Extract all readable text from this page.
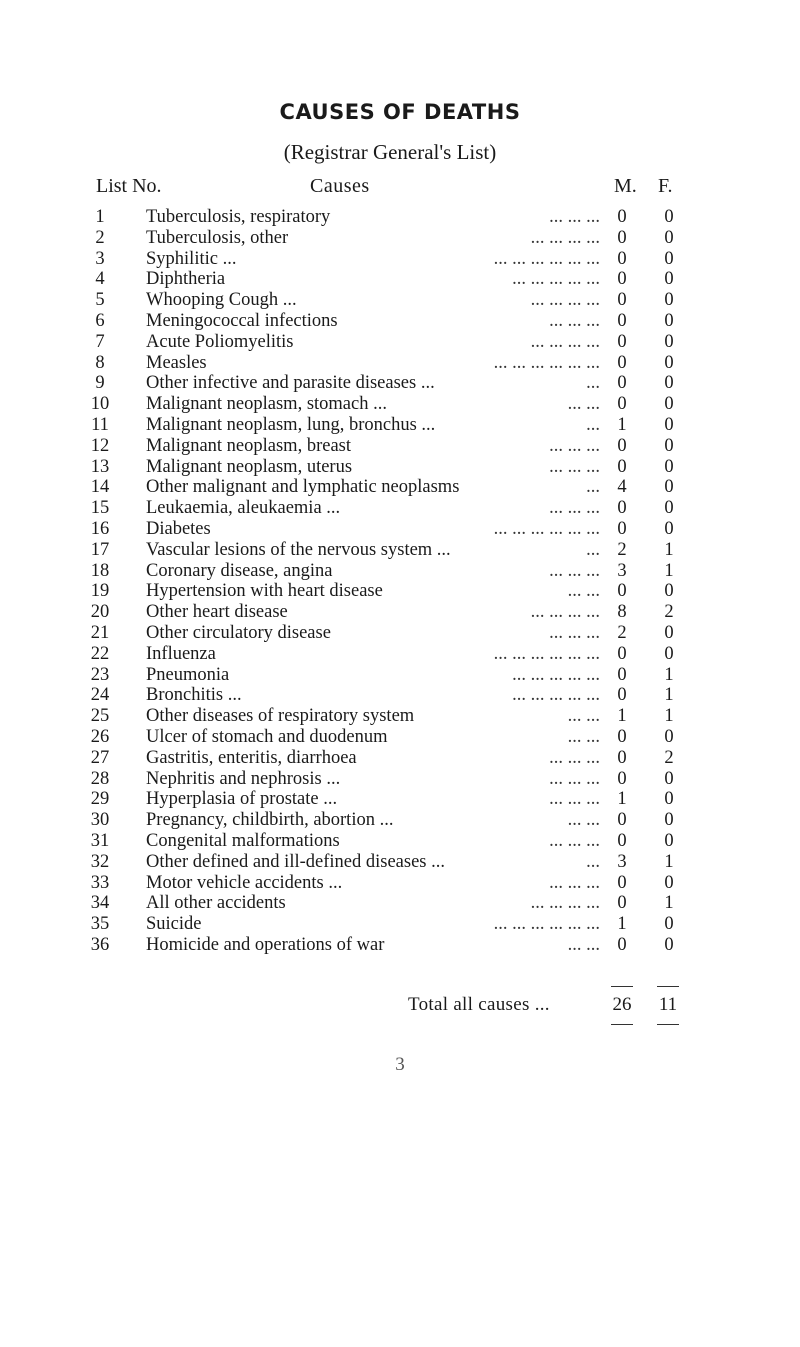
CAUSES OF DEATHS
(Registrar General's List)
List No.	Causes	M. F.
1	Tuberculosis, respiratory	... ... ... 0 0
2	Tuberculosis, other	... ... ... ... 0 0
3	Syphilitic ...	... ... ... ... ... ... 0 0
4	Diphtheria	... ... ... ... ... 0 0
5	Whooping Cough ...	... ... ... ... 0 0
6	Meningococcal infections	... ... ... 0 0
7	Acute Poliomyelitis	... ... ... ... 0 0
8	Measles	... ... ... ... ... ... 0 0
9	Other infective and parasite diseases ...	... 0 0
10	Malignant neoplasm, stomach ...	... ... 0 0
11	Malignant neoplasm, lung, bronchus ...	... 1 0
12	Malignant neoplasm, breast	... ... ... 0 0
13	Malignant neoplasm, uterus	... ... ... 0 0
14	Other malignant and lymphatic neoplasms	... 4 0
15	Leukaemia, aleukaemia ...	... ... ... 0 0
16	Diabetes	... ... ... ... ... ... 0 0
17	Vascular lesions of the nervous system ...	... 2 1
18	Coronary disease, angina	... ... ... 3 1
19	Hypertension with heart disease	... ... 0 0
20	Other heart disease	... ... ... ... 8 2
21	Other circulatory disease	... ... ... 2 0
22	Influenza	... ... ... ... ... ... 0 0
23	Pneumonia	... ... ... ... ... 0 1
24	Bronchitis ...	... ... ... ... ... 0 1
25	Other diseases of respiratory system	... ... 1 1
26	Ulcer of stomach and duodenum	... ... 0 0
27	Gastritis, enteritis, diarrhoea	... ... ... 0 2
28	Nephritis and nephrosis ...	... ... ... 0 0
29	Hyperplasia of prostate ...	... ... ... 1 0
30	Pregnancy, childbirth, abortion ...	... ... 0 0
31	Congenital malformations	... ... ... 0 0
32	Other defined and ill-defined diseases ...	... 3 1
33	Motor vehicle accidents ...	... ... ... 0 0
34	All other accidents	... ... ... ... 0 1
35	Suicide	... ... ... ... ... ... 1 0
36	Homicide and operations of war	... ... 0 0
Total all causes ...	26	11
3
